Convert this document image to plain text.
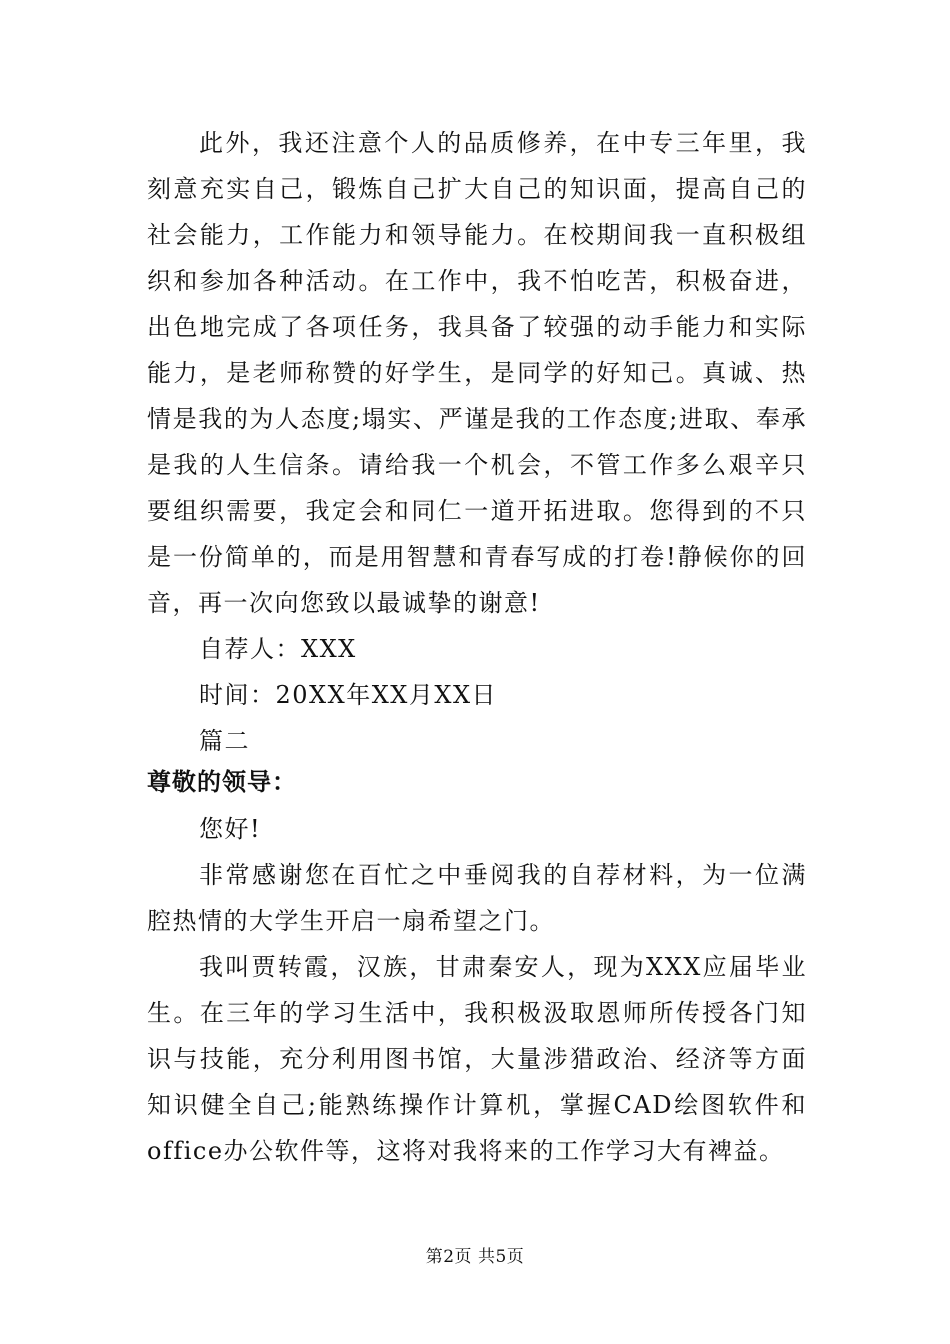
此外，我还注意个人的品质修养，在中专三年里，我刻意充实自己，锻炼自己扩大自己的知识面，提高自己的社会能力，工作能力和领导能力。在校期间我一直积极组织和参加各种活动。在工作中，我不怕吃苦，积极奋进，出色地完成了各项任务，我具备了较强的动手能力和实际能力，是老师称赞的好学生，是同学的好知己。真诚、热情是我的为人态度;塌实、严谨是我的工作态度;进取、奉承是我的人生信条。请给我一个机会，不管工作多么艰辛只要组织需要，我定会和同仁一道开拓进取。您得到的不只是一份简单的，而是用智慧和青春写成的打卷!静候你的回音，再一次向您致以最诚挚的谢意!

自荐人：XXX

时间：20XX年XX月XX日

篇二

尊敬的领导：

您好!

非常感谢您在百忙之中垂阅我的自荐材料，为一位满腔热情的大学生开启一扇希望之门。

我叫贾转霞，汉族，甘肃秦安人，现为XXX应届毕业生。在三年的学习生活中，我积极汲取恩师所传授各门知识与技能，充分利用图书馆，大量涉猎政治、经济等方面知识健全自己;能熟练操作计算机，掌握CAD绘图软件和office办公软件等，这将对我将来的工作学习大有裨益。

第2页 共5页
